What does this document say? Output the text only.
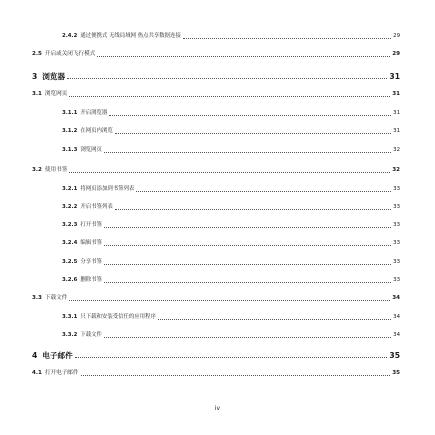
2.4.2 通过便携式 无线局域网 热点共享数据连接	29
2.5 开启或关闭飞行模式	29
3 浏览器	31
3.1 浏览网页	31
3.1.1 开启浏览器	31
3.1.2 在网页内浏览	31
3.1.3 浏览网页	32
3.2 使用书签	32
3.2.1 将网页添加到书签列表	33
3.2.2 开启书签列表	33
3.2.3 打开书签	33
3.2.4 编辑书签	33
3.2.5 分享书签	33
3.2.6 删除书签	33
3.3 下载文件	34
3.3.1 只下载和安装受信任的应用程序	34
3.3.2 下载文件	34
4 电子邮件	35
4.1 打开电子邮件	35
iv
